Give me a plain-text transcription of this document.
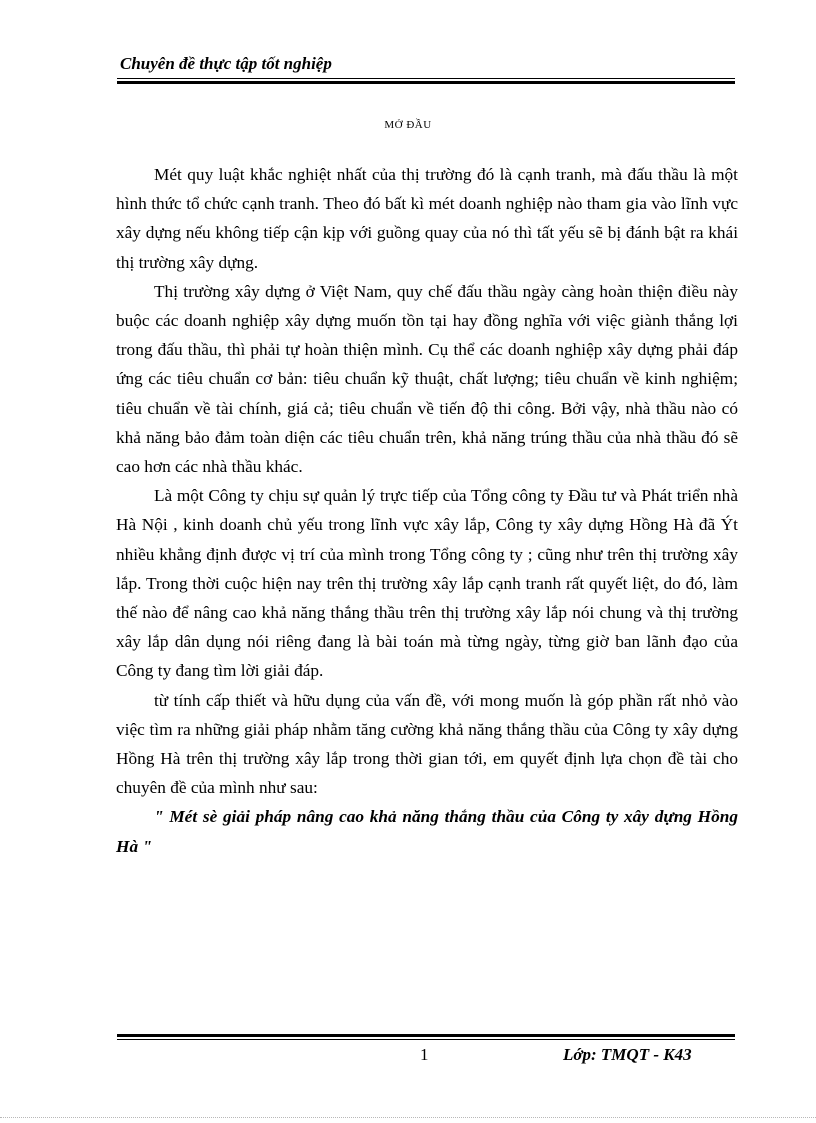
Chuyên đề thực tập tốt nghiệp
MỞ ĐẦU

Mét quy luật khắc nghiệt nhất của thị trường đó là cạnh tranh, mà đấu thầu là một hình thức tổ chức cạnh tranh. Theo đó bất kì mét doanh nghiệp nào tham gia vào lĩnh vực xây dựng nếu không tiếp cận kịp với guồng quay của nó thì tất yếu sẽ bị đánh bật ra khái thị trường xây dựng.

Thị trường xây dựng ở Việt Nam, quy chế đấu thầu ngày càng hoàn thiện điều này buộc các doanh nghiệp xây dựng muốn tồn tại hay đồng nghĩa với việc giành thắng lợi trong đấu thầu, thì phải tự hoàn thiện mình. Cụ thể các doanh nghiệp xây dựng phải đáp ứng các tiêu chuẩn cơ bản: tiêu chuẩn kỹ thuật, chất lượng; tiêu chuẩn về kinh nghiệm; tiêu chuẩn về tài chính, giá cả; tiêu chuẩn về tiến độ thi công. Bởi vậy, nhà thầu nào có khả năng bảo đảm toàn diện các tiêu chuẩn trên, khả năng trúng thầu của nhà thầu đó sẽ cao hơn các nhà thầu khác.

Là một Công ty chịu sự quản lý trực tiếp của Tổng công ty Đầu tư và Phát triển nhà Hà Nội , kinh doanh chủ yếu trong lĩnh vực xây lắp, Công ty xây dựng Hồng Hà đã Ýt nhiều khẳng định được vị trí của mình trong Tổng công ty ; cũng như trên thị trường xây lắp. Trong thời cuộc hiện nay trên thị trường xây lắp cạnh tranh rất quyết liệt, do đó, làm thế nào để nâng cao khả năng thắng thầu trên thị trường xây lắp nói chung và thị trường xây lắp dân dụng nói riêng đang là bài toán mà từng ngày, từng giờ ban lãnh đạo của Công ty đang tìm lời giải đáp.

từ tính cấp thiết và hữu dụng của vấn đề, với mong muốn là góp phần rất nhỏ vào việc tìm ra những giải pháp nhằm tăng cường khả năng thắng thầu của Công ty xây dựng Hồng Hà trên thị trường xây lắp trong thời gian tới, em quyết định lựa chọn đề tài cho chuyên đề của mình như sau:

" Mét sè giải pháp nâng cao khả năng thắng thầu của Công ty xây dựng Hồng Hà "

1	Lớp: TMQT - K43
